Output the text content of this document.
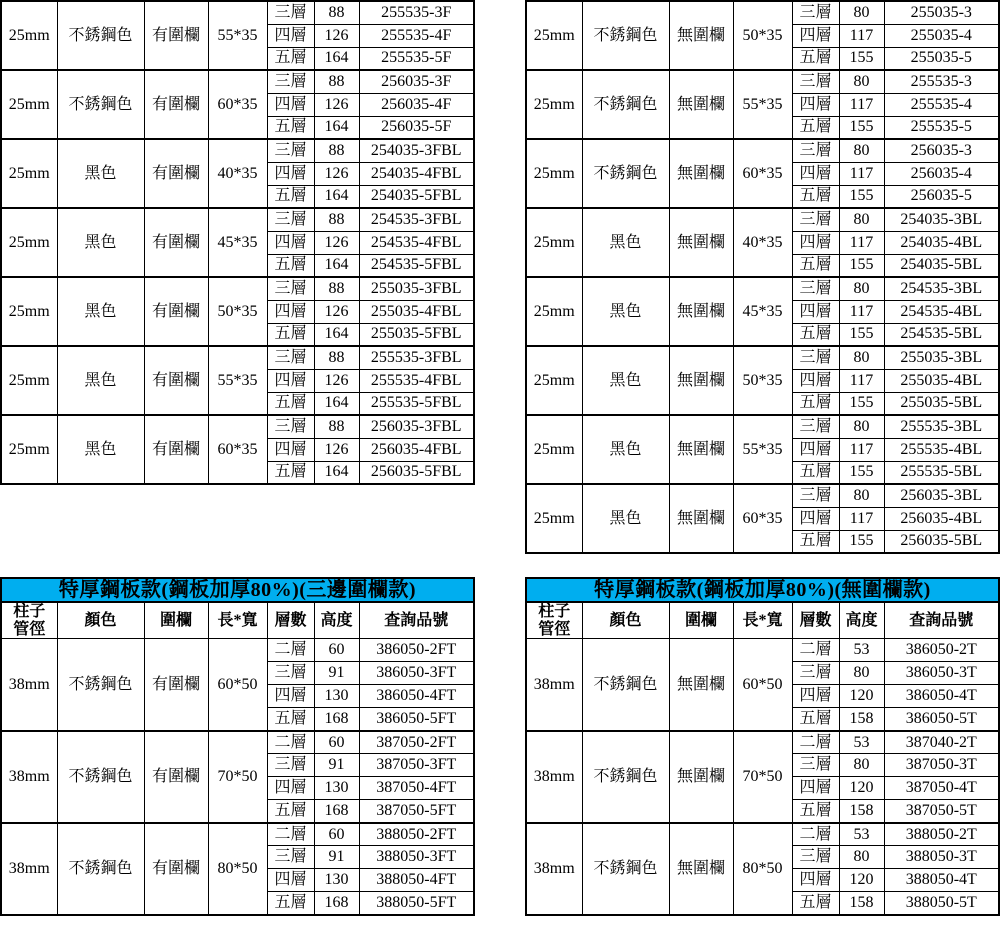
25mm	不銹鋼色	有圍欄	55*35	三層	88	255535-3F
				四層	126	255535-4F
				五層	164	255535-5F
25mm	不銹鋼色	有圍欄	60*35	三層	88	256035-3F
				四層	126	256035-4F
				五層	164	256035-5F
25mm	黑色	有圍欄	40*35	三層	88	254035-3FBL
				四層	126	254035-4FBL
				五層	164	254035-5FBL
25mm	黑色	有圍欄	45*35	三層	88	254535-3FBL
				四層	126	254535-4FBL
				五層	164	254535-5FBL
25mm	黑色	有圍欄	50*35	三層	88	255035-3FBL
				四層	126	255035-4FBL
				五層	164	255035-5FBL
25mm	黑色	有圍欄	55*35	三層	88	255535-3FBL
				四層	126	255535-4FBL
				五層	164	255535-5FBL
25mm	黑色	有圍欄	60*35	三層	88	256035-3FBL
				四層	126	256035-4FBL
				五層	164	256035-5FBL
25mm	不銹鋼色	無圍欄	50*35	三層	80	255035-3
				四層	117	255035-4
				五層	155	255035-5
25mm	不銹鋼色	無圍欄	55*35	三層	80	255535-3
				四層	117	255535-4
				五層	155	255535-5
25mm	不銹鋼色	無圍欄	60*35	三層	80	256035-3
				四層	117	256035-4
				五層	155	256035-5
25mm	黑色	無圍欄	40*35	三層	80	254035-3BL
				四層	117	254035-4BL
				五層	155	254035-5BL
25mm	黑色	無圍欄	45*35	三層	80	254535-3BL
				四層	117	254535-4BL
				五層	155	254535-5BL
25mm	黑色	無圍欄	50*35	三層	80	255035-3BL
				四層	117	255035-4BL
				五層	155	255035-5BL
25mm	黑色	無圍欄	55*35	三層	80	255535-3BL
				四層	117	255535-4BL
				五層	155	255535-5BL
25mm	黑色	無圍欄	60*35	三層	80	256035-3BL
				四層	117	256035-4BL
				五層	155	256035-5BL
特厚鋼板款(鋼板加厚80%)(三邊圍欄款)						

柱子
管徑	顏色	圍欄	長*寬	層數	高度	查詢品號
38mm	不銹鋼色	有圍欄	60*50	二層	60	386050-2FT
				三層	91	386050-3FT
				四層	130	386050-4FT
				五層	168	386050-5FT
38mm	不銹鋼色	有圍欄	70*50	二層	60	387050-2FT
				三層	91	387050-3FT
				四層	130	387050-4FT
				五層	168	387050-5FT
38mm	不銹鋼色	有圍欄	80*50	二層	60	388050-2FT
				三層	91	388050-3FT
				四層	130	388050-4FT
				五層	168	388050-5FT
特厚鋼板款(鋼板加厚80%)(無圍欄款)						

柱子
管徑	顏色	圍欄	長*寬	層數	高度	查詢品號
38mm	不銹鋼色	無圍欄	60*50	二層	53	386050-2T
				三層	80	386050-3T
				四層	120	386050-4T
				五層	158	386050-5T
38mm	不銹鋼色	無圍欄	70*50	二層	53	387040-2T
				三層	80	387050-3T
				四層	120	387050-4T
				五層	158	387050-5T
38mm	不銹鋼色	無圍欄	80*50	二層	53	388050-2T
				三層	80	388050-3T
				四層	120	388050-4T
				五層	158	388050-5T
